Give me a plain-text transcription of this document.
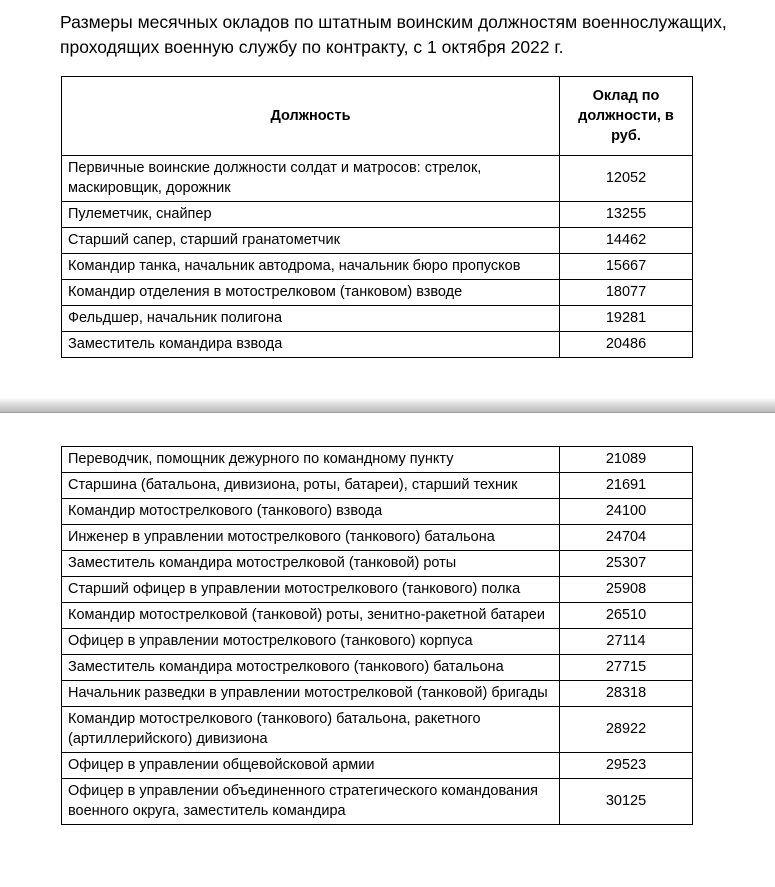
Размеры месячных окладов по штатным воинским должностям военнослужащих, проходящих военную службу по контракту, с 1 октября 2022 г.
Должность	Оклад по должности, в руб.
Первичные воинские должности солдат и матросов: стрелок, маскировщик, дорожник	12052
Пулеметчик, снайпер	13255
Старший сапер, старший гранатометчик	14462
Командир танка, начальник автодрома, начальник бюро пропусков	15667
Командир отделения в мотострелковом (танковом) взводе	18077
Фельдшер, начальник полигона	19281
Заместитель командира взвода	20486
Переводчик, помощник дежурного по командному пункту	21089
Старшина (батальона, дивизиона, роты, батареи), старший техник	21691
Командир мотострелкового (танкового) взвода	24100
Инженер в управлении мотострелкового (танкового) батальона	24704
Заместитель командира мотострелковой (танковой) роты	25307
Старший офицер в управлении мотострелкового (танкового) полка	25908
Командир мотострелковой (танковой) роты, зенитно-ракетной батареи	26510
Офицер в управлении мотострелкового (танкового) корпуса	27114
Заместитель командира мотострелкового (танкового) батальона	27715
Начальник разведки в управлении мотострелковой (танковой) бригады	28318
Командир мотострелкового (танкового) батальона, ракетного (артиллерийского) дивизиона	28922
Офицер в управлении общевойсковой армии	29523
Офицер в управлении объединенного стратегического командования военного округа, заместитель командира	30125
